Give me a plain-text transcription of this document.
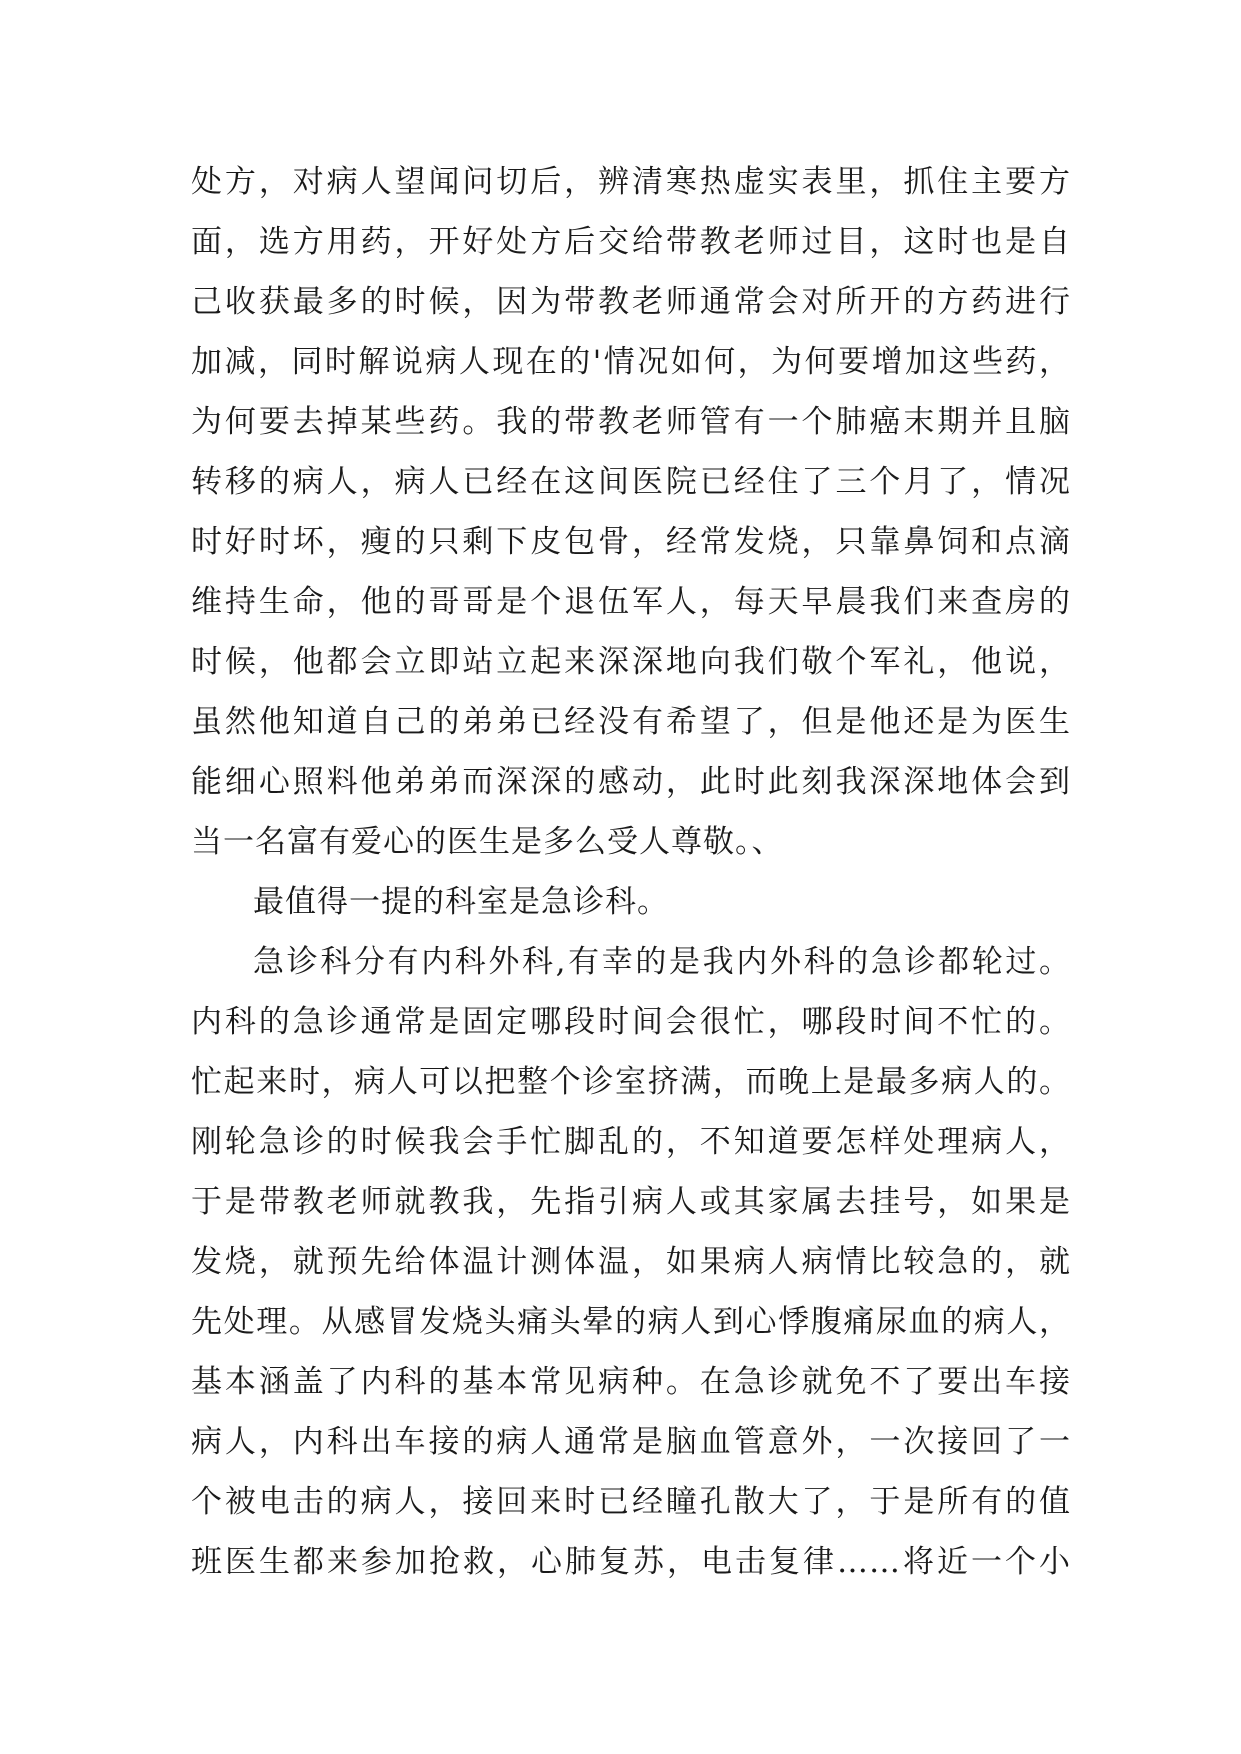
处方，对病人望闻问切后，辨清寒热虚实表里，抓住主要方
面，选方用药，开好处方后交给带教老师过目，这时也是自
己收获最多的时候，因为带教老师通常会对所开的方药进行
加减，同时解说病人现在的'情况如何，为何要增加这些药，
为何要去掉某些药。我的带教老师管有一个肺癌末期并且脑
转移的病人，病人已经在这间医院已经住了三个月了，情况
时好时坏，瘦的只剩下皮包骨，经常发烧，只靠鼻饲和点滴
维持生命，他的哥哥是个退伍军人，每天早晨我们来查房的
时候，他都会立即站立起来深深地向我们敬个军礼，他说，
虽然他知道自己的弟弟已经没有希望了，但是他还是为医生
能细心照料他弟弟而深深的感动，此时此刻我深深地体会到
当一名富有爱心的医生是多么受人尊敬。、
最值得一提的科室是急诊科。
急诊科分有内科外科,有幸的是我内外科的急诊都轮过。
内科的急诊通常是固定哪段时间会很忙，哪段时间不忙的。
忙起来时，病人可以把整个诊室挤满，而晚上是最多病人的。
刚轮急诊的时候我会手忙脚乱的，不知道要怎样处理病人，
于是带教老师就教我，先指引病人或其家属去挂号，如果是
发烧，就预先给体温计测体温，如果病人病情比较急的，就
先处理。从感冒发烧头痛头晕的病人到心悸腹痛尿血的病人，
基本涵盖了内科的基本常见病种。在急诊就免不了要出车接
病人，内科出车接的病人通常是脑血管意外，一次接回了一
个被电击的病人，接回来时已经瞳孔散大了，于是所有的值
班医生都来参加抢救，心肺复苏，电击复律……将近一个小
